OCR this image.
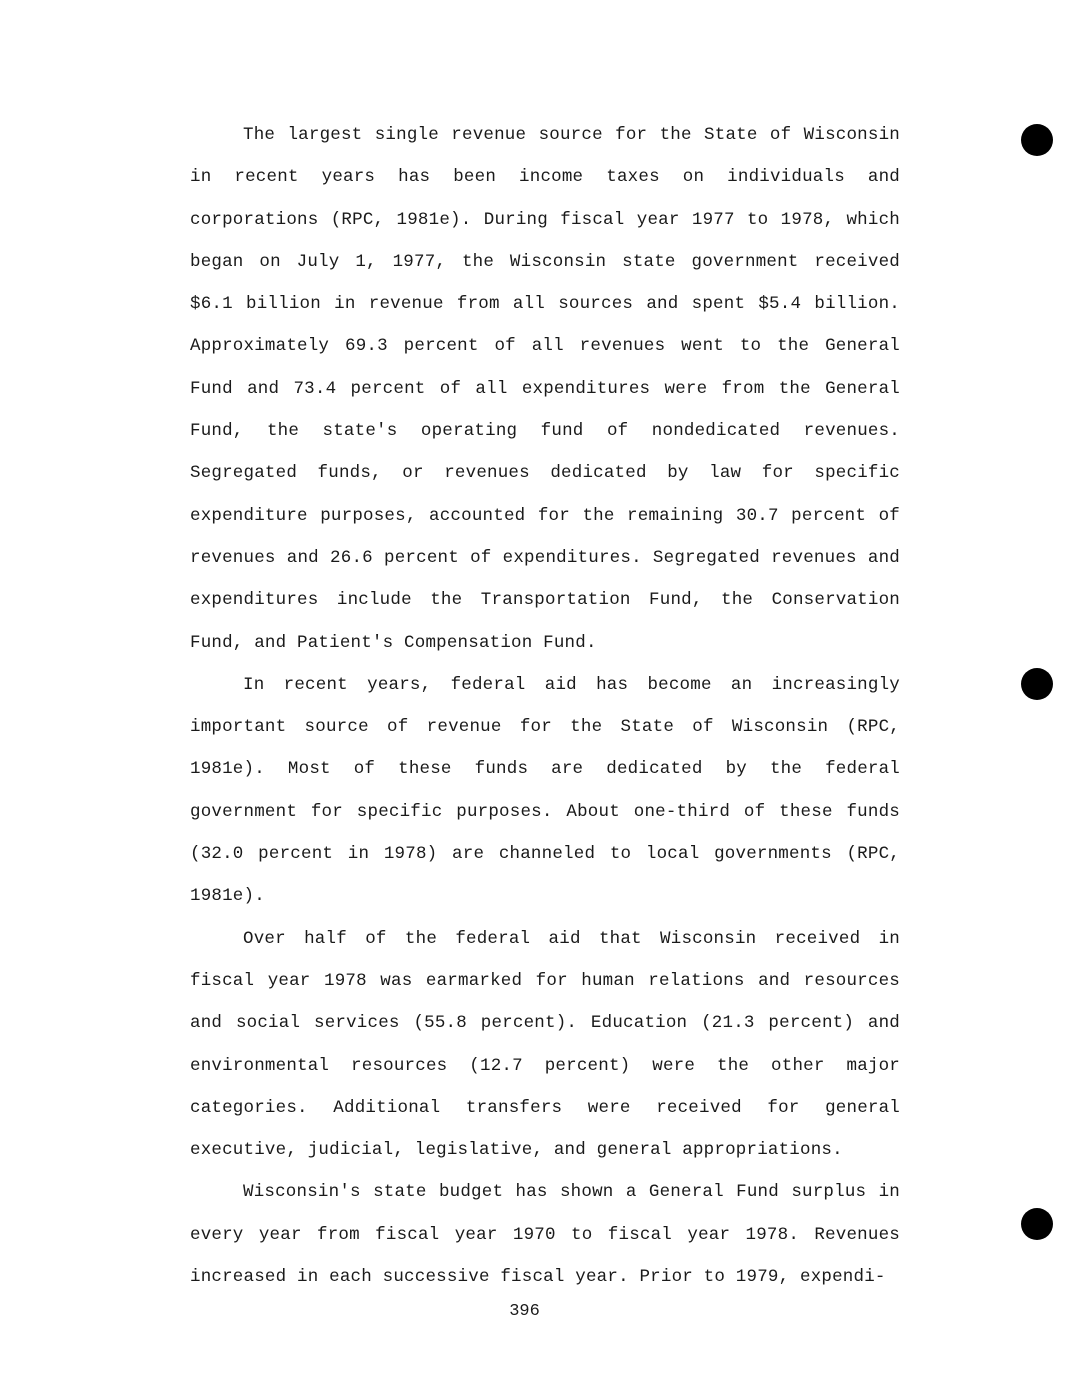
The largest single revenue source for the State of Wisconsin in recent years has been income taxes on individuals and corporations (RPC, 1981e). During fiscal year 1977 to 1978, which began on July 1, 1977, the Wisconsin state government received $6.1 billion in revenue from all sources and spent $5.4 billion. Approximately 69.3 percent of all revenues went to the General Fund and 73.4 percent of all expenditures were from the General Fund, the state's operating fund of nondedicated revenues. Segregated funds, or revenues dedicated by law for specific expenditure purposes, accounted for the remaining 30.7 percent of revenues and 26.6 percent of expenditures. Segregated revenues and expenditures include the Transportation Fund, the Conservation Fund, and Patient's Compensation Fund.

In recent years, federal aid has become an increasingly important source of revenue for the State of Wisconsin (RPC, 1981e). Most of these funds are dedicated by the federal government for specific purposes. About one-third of these funds (32.0 percent in 1978) are channeled to local governments (RPC, 1981e).

Over half of the federal aid that Wisconsin received in fiscal year 1978 was earmarked for human relations and resources and social services (55.8 percent). Education (21.3 percent) and environmental resources (12.7 percent) were the other major categories. Additional transfers were received for general executive, judicial, legislative, and general appropriations.

Wisconsin's state budget has shown a General Fund surplus in every year from fiscal year 1970 to fiscal year 1978. Revenues increased in each successive fiscal year. Prior to 1979, expendi-

396
